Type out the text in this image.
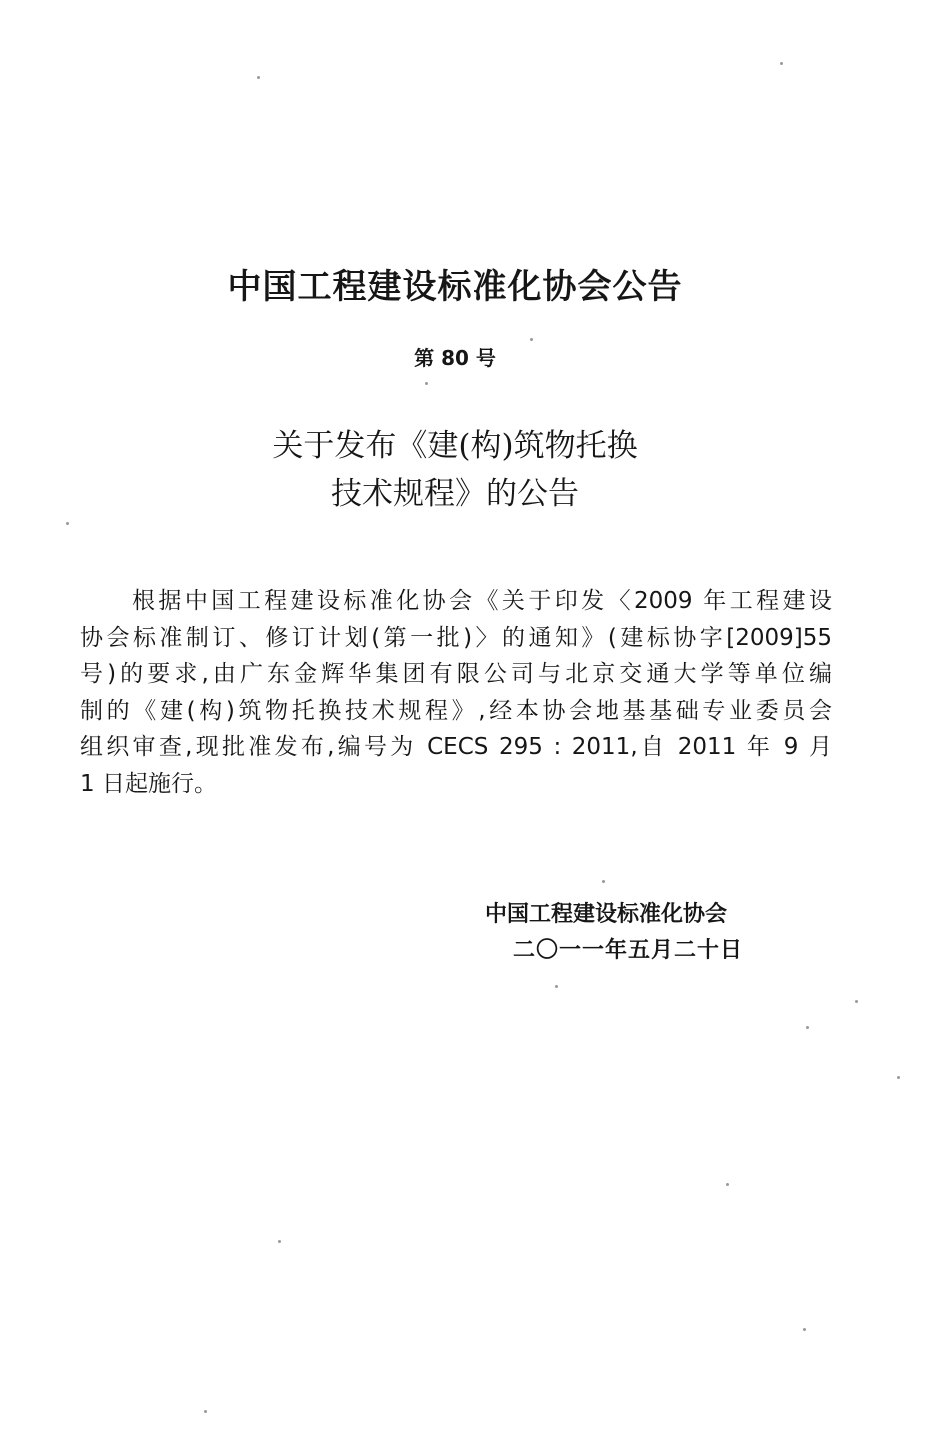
中国工程建设标准化协会公告
第 80 号
关于发布《建(构)筑物托换
技术规程》的公告
根据中国工程建设标准化协会《关于印发〈2009 年工程建设
协会标准制订、修订计划(第一批)〉的通知》(建标协字[2009]55
号)的要求,由广东金辉华集团有限公司与北京交通大学等单位编
制的《建(构)筑物托换技术规程》,经本协会地基基础专业委员会
组织审查,现批准发布,编号为 CECS 295 : 2011,自 2011 年 9 月
1 日起施行。
中国工程建设标准化协会
二〇一一年五月二十日
